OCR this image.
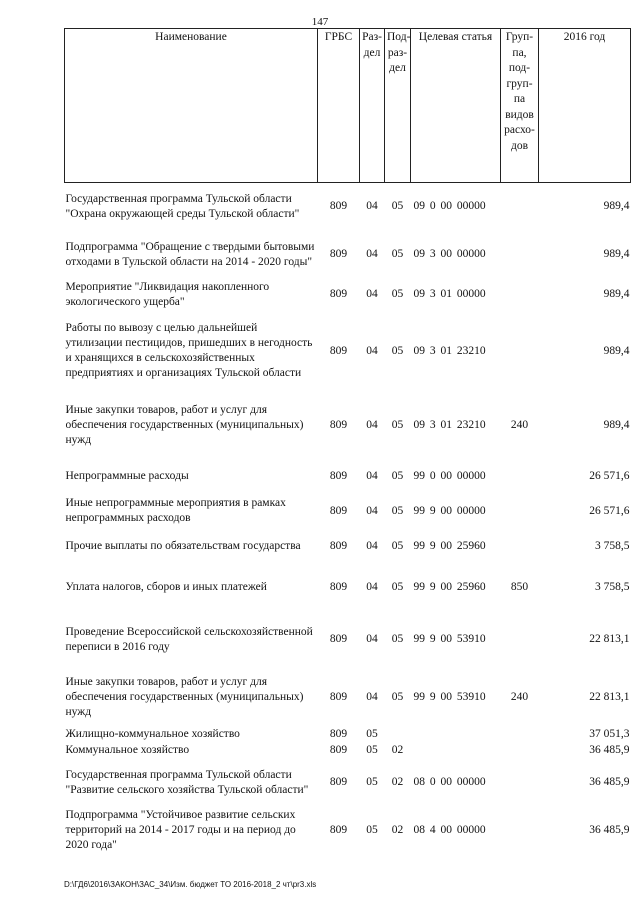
147
Наименование	ГРБС	Раз- дел	Под- раз- дел	Целевая статья	Груп- па, под- груп- па видов расхо- дов	2016 год
Государственная программа Тульской области "Охрана окружающей среды Тульской области"	809	04	05	09 0 00 00000		989,4
Подпрограмма "Обращение с твердыми бытовыми отходами в Тульской области на 2014 - 2020 годы"	809	04	05	09 3 00 00000		989,4
Мероприятие "Ликвидация накопленного экологического ущерба"	809	04	05	09 3 01 00000		989,4
Работы по вывозу с целью дальнейшей утилизации пестицидов, пришедших в негодность и хранящихся в сельскохозяйственных предприятиях и организациях Тульской области	809	04	05	09 3 01 23210		989,4
Иные закупки товаров, работ и услуг для обеспечения государственных (муниципальных) нужд	809	04	05	09 3 01 23210	240	989,4
Непрограммные расходы	809	04	05	99 0 00 00000		26 571,6
Иные непрограммные мероприятия в рамках непрограммных расходов	809	04	05	99 9 00 00000		26 571,6
Прочие выплаты по обязательствам государства	809	04	05	99 9 00 25960		3 758,5
Уплата налогов, сборов и иных платежей	809	04	05	99 9 00 25960	850	3 758,5
Проведение Всероссийской сельскохозяйственной переписи в 2016 году	809	04	05	99 9 00 53910		22 813,1
Иные закупки товаров, работ и услуг для обеспечения государственных (муниципальных) нужд	809	04	05	99 9 00 53910	240	22 813,1
Жилищно-коммунальное хозяйство	809	05				37 051,3
Коммунальное хозяйство	809	05	02			36 485,9
Государственная программа Тульской области "Развитие сельского хозяйства Тульской области"	809	05	02	08 0 00 00000		36 485,9
Подпрограмма "Устойчивое развитие сельских территорий на 2014 - 2017 годы и на период до 2020 года"	809	05	02	08 4 00 00000		36 485,9
D:\ГД6\2016\ЗАКОН\ЗАС_34\Изм. бюджет ТО 2016-2018_2 чт\pr3.xls
